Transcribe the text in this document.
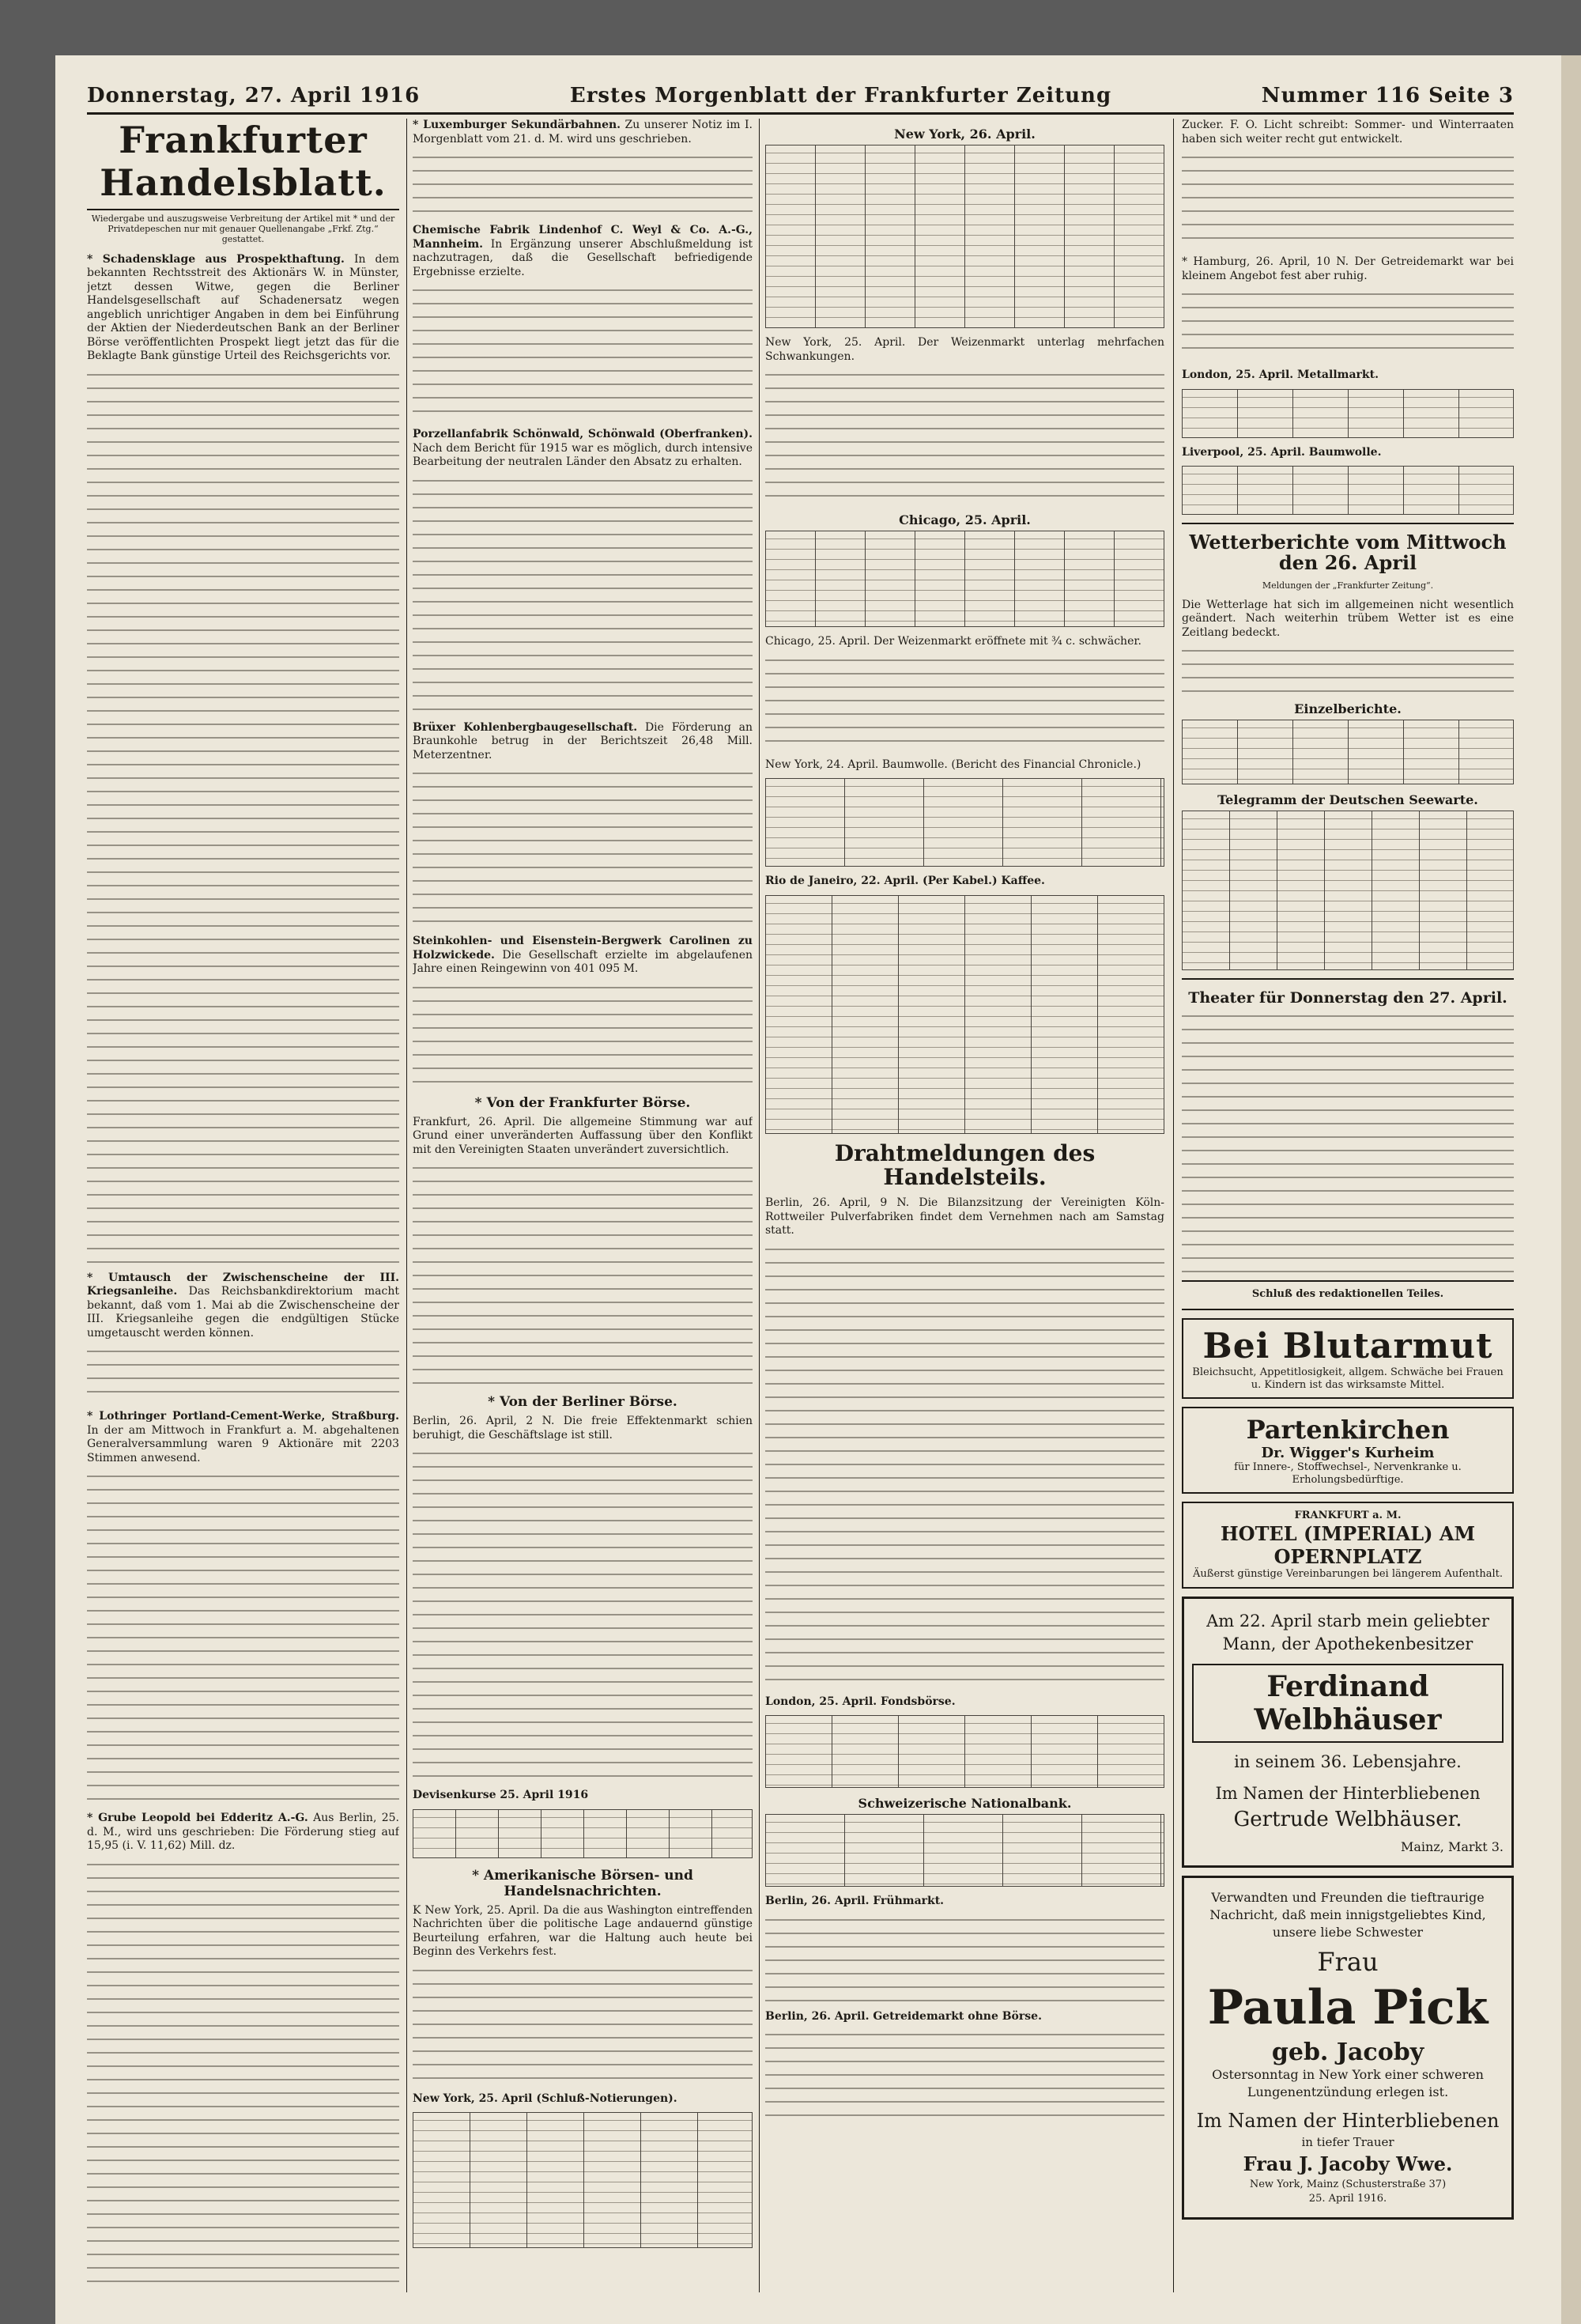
Donnerstag, 27. April 1916	Erstes Morgenblatt der Frankfurter Zeitung	Nummer 116 Seite 3
Frankfurter Handelsblatt.
Wiedergabe und auszugsweise Verbreitung der Artikel mit * und der Privatdepeschen nur mit genauer Quellenangabe „Frkf. Ztg.“ gestattet.
* Schadensklage aus Prospekthaftung. In dem bekannten Rechtsstreit des Aktionärs W. in Münster, jetzt dessen Witwe, gegen die Berliner Handelsgesellschaft auf Schadenersatz wegen angeblich unrichtiger Angaben in dem bei Einführung der Aktien der Niederdeutschen Bank an der Berliner Börse veröffentlichten Prospekt liegt jetzt das für die Beklagte Bank günstige Urteil des Reichsgerichts vor.
* Umtausch der Zwischenscheine der III. Kriegsanleihe. Das Reichsbankdirektorium macht bekannt, daß vom 1. Mai ab die Zwischenscheine der III. Kriegsanleihe gegen die endgültigen Stücke umgetauscht werden können.
* Lothringer Portland-Cement-Werke, Straßburg. In der am Mittwoch in Frankfurt a. M. abgehaltenen Generalversammlung waren 9 Aktionäre mit 2203 Stimmen anwesend.
* Grube Leopold bei Edderitz A.-G. Aus Berlin, 25. d. M., wird uns geschrieben: Die Förderung stieg auf 15,95 (i. V. 11,62) Mill. dz.
* Luxemburger Sekundärbahnen. Zu unserer Notiz im I. Morgenblatt vom 21. d. M. wird uns geschrieben.
Chemische Fabrik Lindenhof C. Weyl & Co. A.-G., Mannheim. In Ergänzung unserer Abschlußmeldung ist nachzutragen, daß die Gesellschaft befriedigende Ergebnisse erzielte.
Porzellanfabrik Schönwald, Schönwald (Oberfranken). Nach dem Bericht für 1915 war es möglich, durch intensive Bearbeitung der neutralen Länder den Absatz zu erhalten.
Brüxer Kohlenbergbaugesellschaft. Die Förderung an Braunkohle betrug in der Berichtszeit 26,48 Mill. Meterzentner.
Steinkohlen- und Eisenstein-Bergwerk Carolinen zu Holzwickede. Die Gesellschaft erzielte im abgelaufenen Jahre einen Reingewinn von 401 095 M.
* Von der Frankfurter Börse.
Frankfurt, 26. April. Die allgemeine Stimmung war auf Grund einer unveränderten Auffassung über den Konflikt mit den Vereinigten Staaten unverändert zuversichtlich.
* Von der Berliner Börse.
Berlin, 26. April, 2 N. Die freie Effektenmarkt schien beruhigt, die Geschäftslage ist still.
Devisenkurse 25. April 1916
* Amerikanische Börsen- und Handelsnachrichten.
K New York, 25. April. Da die aus Washington eintreffenden Nachrichten über die politische Lage andauernd günstige Beurteilung erfahren, war die Haltung auch heute bei Beginn des Verkehrs fest.
New York, 25. April (Schluß-Notierungen).
New York, 26. April.
New York, 25. April. Der Weizenmarkt unterlag mehrfachen Schwankungen.
Chicago, 25. April.
Chicago, 25. April. Der Weizenmarkt eröffnete mit ¾ c. schwächer.
New York, 24. April. Baumwolle. (Bericht des Financial Chronicle.)
Rio de Janeiro, 22. April. (Per Kabel.) Kaffee.
Drahtmeldungen des Handelsteils.
Berlin, 26. April, 9 N. Die Bilanzsitzung der Vereinigten Köln-Rottweiler Pulverfabriken findet dem Vernehmen nach am Samstag statt.
London, 25. April. Fondsbörse.
Schweizerische Nationalbank.
Berlin, 26. April. Frühmarkt.
Berlin, 26. April. Getreidemarkt ohne Börse.
Zucker. F. O. Licht schreibt: Sommer- und Winterraaten haben sich weiter recht gut entwickelt.
* Hamburg, 26. April, 10 N. Der Getreidemarkt war bei kleinem Angebot fest aber ruhig.
London, 25. April. Metallmarkt.
Liverpool, 25. April. Baumwolle.
Wetterberichte vom Mittwoch den 26. April
Meldungen der „Frankfurter Zeitung“.
Die Wetterlage hat sich im allgemeinen nicht wesentlich geändert. Nach weiterhin trübem Wetter ist es eine Zeitlang bedeckt.
Einzelberichte.
Telegramm der Deutschen Seewarte.
Theater für Donnerstag den 27. April.
Schluß des redaktionellen Teiles.
Bei Blutarmut
Bleichsucht, Appetitlosigkeit, allgem. Schwäche bei Frauen u. Kindern ist das wirksamste Mittel.
Partenkirchen
Dr. Wigger's Kurheim
für Innere-, Stoffwechsel-, Nervenkranke u. Erholungsbedürftige.
FRANKFURT a. M.
HOTEL (IMPERIAL) AM OPERNPLATZ
Äußerst günstige Vereinbarungen bei längerem Aufenthalt.
Am 22. April starb mein geliebter Mann, der Apothekenbesitzer
Ferdinand Welbhäuser
in seinem 36. Lebensjahre.
Im Namen der Hinterbliebenen
Gertrude Welbhäuser.
Mainz, Markt 3.
Verwandten und Freunden die tieftraurige Nachricht, daß mein innigstgeliebtes Kind, unsere liebe Schwester
Frau
Paula Pick
geb. Jacoby
Ostersonntag in New York einer schweren Lungenentzündung erlegen ist.
Im Namen der Hinterbliebenen
in tiefer Trauer
Frau J. Jacoby Wwe.
New York, Mainz (Schusterstraße 37)
25. April 1916.
